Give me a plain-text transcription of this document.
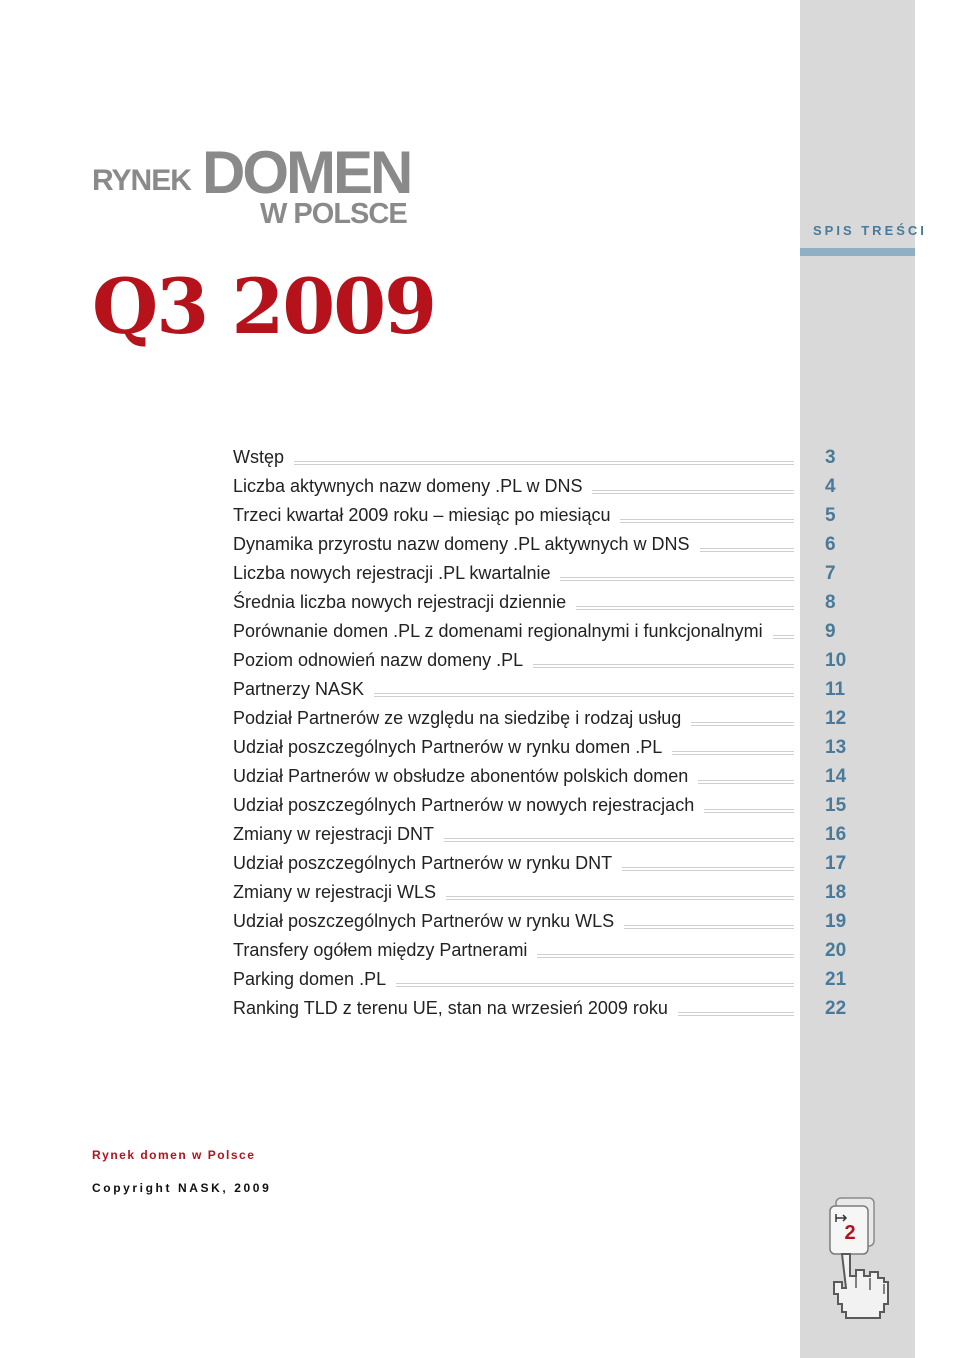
RYNEK DOMEN
W POLSCE
Q3 2009
SPIS TREŚCI
Wstęp	3
Liczba aktywnych nazw domeny .PL w DNS	4
Trzeci kwartał 2009 roku – miesiąc po miesiącu	5
Dynamika przyrostu nazw domeny .PL aktywnych w DNS	6
Liczba nowych rejestracji .PL kwartalnie	7
Średnia liczba nowych rejestracji dziennie	8
Porównanie domen .PL z domenami regionalnymi i funkcjonalnymi	9
Poziom odnowień nazw domeny .PL	10
Partnerzy NASK	11
Podział Partnerów ze względu na siedzibę i rodzaj usług	12
Udział poszczególnych Partnerów w rynku domen .PL	13
Udział Partnerów w obsłudze abonentów polskich domen	14
Udział poszczególnych Partnerów w nowych rejestracjach	15
Zmiany w rejestracji DNT	16
Udział poszczególnych Partnerów w rynku DNT	17
Zmiany w rejestracji WLS	18
Udział poszczególnych Partnerów w rynku WLS	19
Transfery ogółem między Partnerami	20
Parking domen .PL	21
Ranking TLD z terenu UE, stan na wrzesień 2009 roku	22
Rynek domen w Polsce
Copyright NASK, 2009
2
